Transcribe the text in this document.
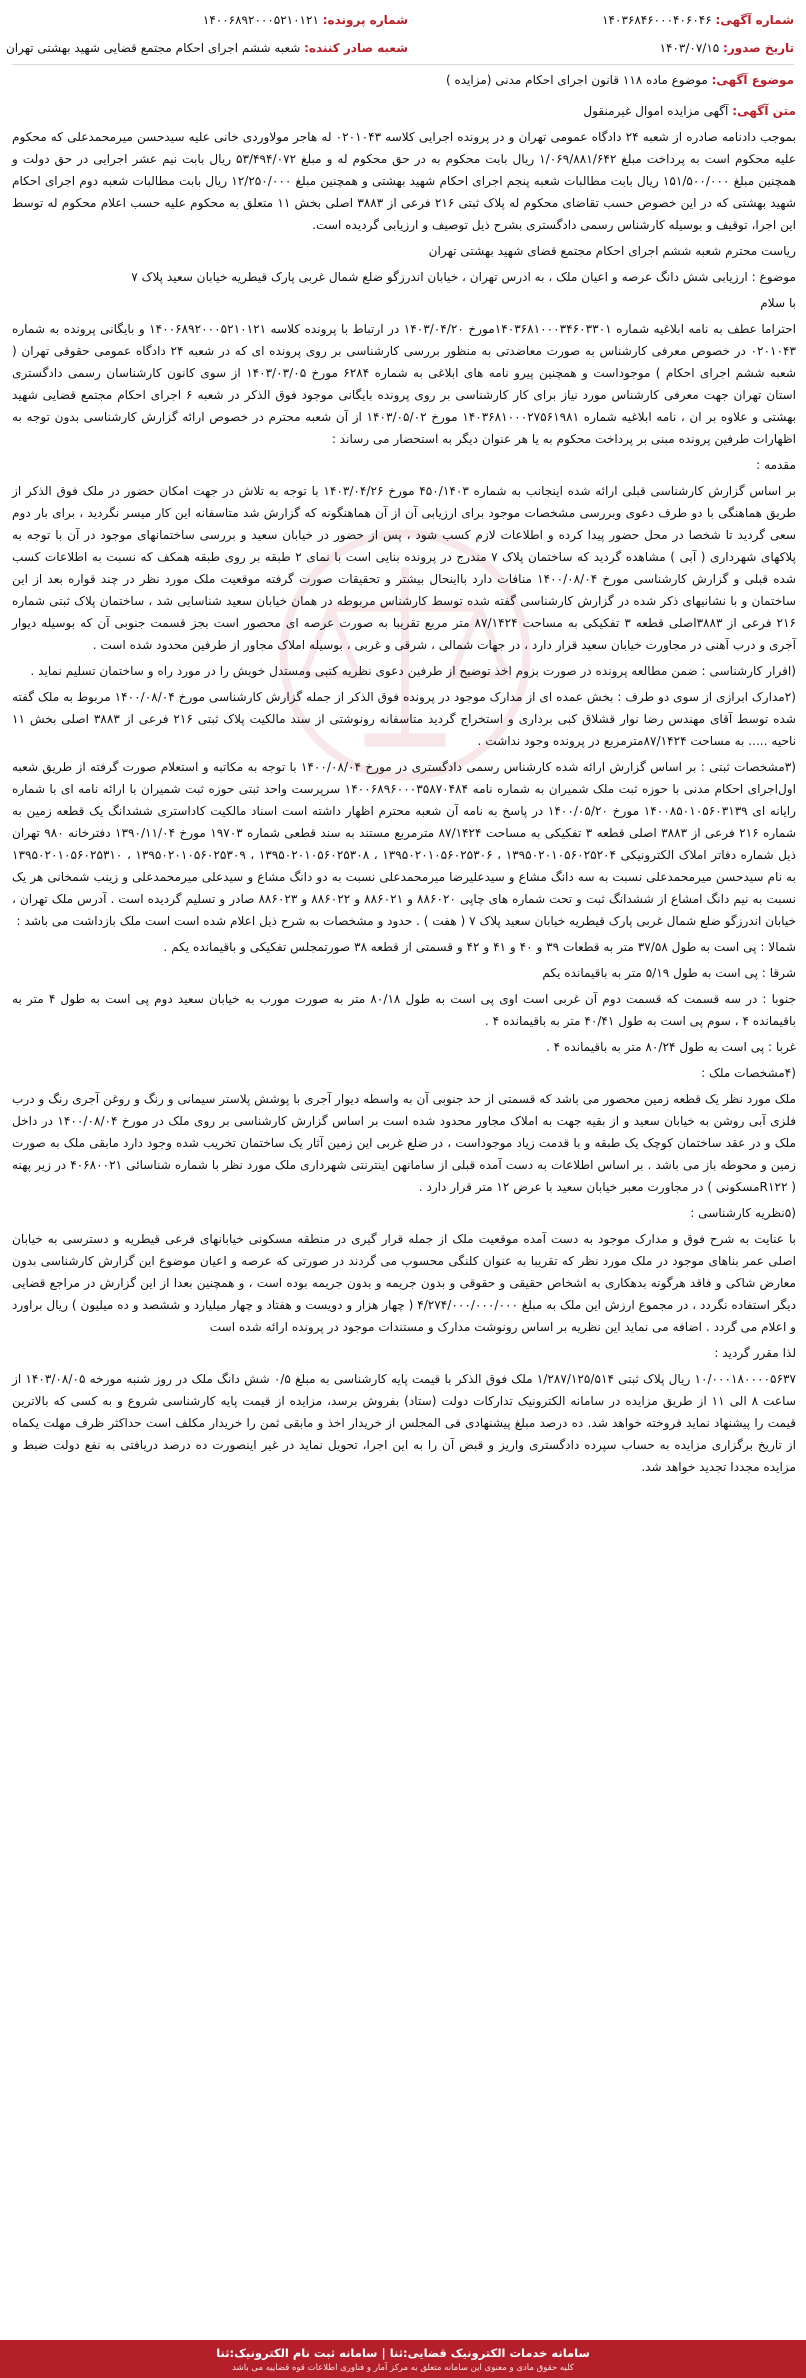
شماره آگهی: ۱۴۰۳۶۸۴۶۰۰۰۴۰۶۰۴۶
شماره پرونده: ۱۴۰۰۶۸۹۲۰۰۰۵۲۱۰۱۲۱
تاریخ صدور: ۱۴۰۳/۰۷/۱۵
شعبه صادر کننده: شعبه ششم اجرای احکام مجتمع قضایی شهید بهشتی تهران
موضوع آگهی: موضوع ماده ۱۱۸ قانون اجرای احکام مدنی (مزایده )

متن آگهی: آگهی مزایده اموال غیرمنقول

بموجب دادنامه صادره از شعبه ۲۴ دادگاه عمومی تهران و در پرونده اجرایی کلاسه ۰۲۰۱۰۴۳ له هاجر مولاوردی خانی علیه سیدحسن میرمحمدعلی که محکوم علیه محکوم است به پرداخت مبلغ ۱/۰۶۹/۸۸۱/۶۴۲ ریال بابت محکوم به در حق محکوم له و مبلغ ۵۳/۴۹۴/۰۷۲ ریال بابت نیم عشر اجرایی در حق دولت و همچنین مبلغ ۱۵۱/۵۰۰/۰۰۰ ریال بابت مطالبات شعبه پنجم اجرای احکام شهید بهشتی و همچنین مبلغ ۱۲/۲۵۰/۰۰۰ ریال بابت مطالبات شعبه دوم اجرای احکام شهید بهشتی که در این خصوص حسب تقاضای محکوم له پلاک ثبتی ۲۱۶ فرعی از ۳۸۸۳ اصلی بخش ۱۱ متعلق به محکوم علیه حسب اعلام محکوم له توسط این اجرا، توقیف و بوسیله کارشناس رسمی دادگستری بشرح ذیل توصیف و ارزیابی گردیده است.

ریاست محترم شعبه ششم اجرای احکام مجتمع قضای شهید بهشتی تهران

موضوع : ارزیابی شش دانگ عرصه و اعیان ملک ، به ادرس تهران ، خیابان اندرزگو ضلع شمال غربی پارک قیطریه خیابان سعید پلاک ۷

با سلام

احتراما عطف به نامه ابلاغیه شماره ۱۴۰۳۶۸۱۰۰۰۳۴۶۰۳۳۰۱مورخ ۱۴۰۳/۰۴/۲۰ در ارتباط با پرونده کلاسه ۱۴۰۰۶۸۹۲۰۰۰۵۲۱۰۱۲۱ و بایگانی پرونده به شماره ۰۲۰۱۰۴۳ در خصوص معرفی کارشناس به صورت معاضدتی به منظور بررسی کارشناسی بر روی پرونده ای که در شعبه ۲۴ دادگاه عمومی حقوقی تهران ( شعبه ششم اجرای احکام ) موجوداست و همچنین پیرو نامه های ابلاغی به شماره ۶۲۸۴ مورخ ۱۴۰۳/۰۳/۰۵ از سوی کانون کارشناسان رسمی دادگستری استان تهران جهت معرفی کارشناس مورد نیاز برای کار کارشناسی بر روی پرونده بایگانی موجود فوق الذکر در شعبه ۶ اجرای احکام مجتمع قضایی شهید بهشتی و علاوه بر ان ، نامه ابلاغیه شماره ۱۴۰۳۶۸۱۰۰۰۲۷۵۶۱۹۸۱ مورخ ۱۴۰۳/۰۵/۰۲ از آن شعبه محترم در خصوص ارائه گزارش کارشناسی بدون توجه به اظهارات طرفین پرونده مبنی بر پرداخت محکوم به یا هر عنوان دیگر به استحضار می رساند :

مقدمه :

بر اساس گزارش کارشناسی قبلی ارائه شده اینجانب به شماره ۴۵۰/۱۴۰۳ مورخ ۱۴۰۳/۰۴/۲۶ با توجه به تلاش در جهت امکان حضور در ملک فوق الذکر از طریق هماهنگی با دو طرف دعوی وبررسی مشخصات موجود برای ارزیابی آن از آن هماهنگونه که گزارش شد متاسفانه این کار میسر نگردید ، برای بار دوم سعی گردید تا شخصا در محل حضور پیدا کرده و اطلاعات لازم کسب شود ، پس از حضور در خیابان سعید و بررسی ساختمانهای موجود در آن با توجه به پلاکهای شهرداری ( آبی ) مشاهده گردید که ساختمان پلاک ۷ مندرج در پرونده بنایی است با نمای ۲ طبقه بر روی طبقه همکف که نسبت به اطلاعات کسب شده قبلی و گزارش کارشناسی مورخ ۱۴۰۰/۰۸/۰۴ منافات دارد بااینحال بیشتر و تحقیقات صورت گرفته موقعیت ملک مورد نظر در چند قواره بعد از این ساختمان و با نشانیهای ذکر شده در گزارش کارشناسی گفته شده توسط کارشناس مربوطه در همان خیابان سعید شناسایی شد ، ساختمان پلاک ثبتی شماره ۲۱۶ فرعی از ۳۸۸۳اصلی قطعه ۳ تفکیکی به مساحت ۸۷/۱۴۲۴ متر مربع تقریبا به صورت عرصه ای محصور است بجز قسمت جنوبی آن که بوسیله دیوار آجری و درب آهنی در مجاورت خیابان سعید قرار دارد ، در جهات شمالی ، شرقی و غربی ، بوسیله املاک مجاور از طرفین محدود شده است .

(اقرار کارشناسی : ضمن مطالعه پرونده در صورت بزوم اخذ توضیح از طرفین دعوی نظریه کتبی ومستدل خویش را در مورد راه و ساختمان تسلیم نماید .

(۲مدارک ابرازی از سوی دو طرف : بخش عمده ای از مدارک موجود در پرونده فوق الذکر از جمله گزارش کارشناسی مورخ ۱۴۰۰/۰۸/۰۴ مربوط به ملک گفته شده توسط آقای مهندس رضا نوار قشلاق کبی برداری و استخراج گردید متاسفانه رونوشتی از سند مالکیت پلاک ثبتی ۲۱۶ فرعی از ۳۸۸۳ اصلی بخش ۱۱ ناحیه ..... به مساحت ۸۷/۱۴۲۴مترمربع در پرونده وجود نداشت .

(۳مشخصات ثبتی : بر اساس گزارش ارائه شده کارشناس رسمی دادگستری در مورخ ۱۴۰۰/۰۸/۰۴ با توجه به مکاتبه و استعلام صورت گرفته از طریق شعبه اول‌اجرای احکام مدنی با حوزه ثبت ملک شمیران به شماره نامه ۱۴۰۰۶۸۹۶۰۰۰۳۵۸۷۰۴۸۴ سرپرست واحد ثبتی حوزه ثبت شمیران با ارائه نامه ای با شماره رایانه ای ۱۴۰۰۸۵۰۱۰۵۶۰۳۱۳۹ مورخ ۱۴۰۰/۰۵/۲۰ در پاسخ به نامه آن شعبه محترم اظهار داشته است اسناد مالکیت کاداستری ششدانگ یک قطعه زمین به شماره ۲۱۶ فرعی از ۳۸۸۳ اصلی قطعه ۳ تفکیکی به مساحت ۸۷/۱۴۲۴ مترمربع مستند به سند قطعی شماره ۱۹۷۰۳ مورخ ۱۳۹۰/۱۱/۰۴ دفترخانه ۹۸۰ تهران ذیل شماره دفاتر املاک الکترونیکی ۱۳۹۵۰۲۰۱۰۵۶۰۲۵۲۰۴ ، ۱۳۹۵۰۲۰۱۰۵۶۰۲۵۳۰۶ ، ۱۳۹۵۰۲۰۱۰۵۶۰۲۵۳۰۸ ، ۱۳۹۵۰۲۰۱۰۵۶۰۲۵۳۰۹ ، ۱۳۹۵۰۲۰۱۰۵۶۰۲۵۳۱۰ به نام سیدحسن میرمحمدعلی نسبت به سه دانگ مشاع و سیدعلیرضا میرمحمدعلی نسبت به دو دانگ مشاع و سیدعلی میرمحمدعلی و زینب شمخانی هر یک نسبت به نیم دانگ امشاع از ششدانگ ثبت و تحت شماره های چاپی ۸۸۶۰۲۰ و ۸۸۶۰۲۱ و ۸۸۶۰۲۲ و ۸۸۶۰۲۳ صادر و تسلیم گردیده است . آدرس ملک تهران ، خیابان اندرزگو ضلع شمال غربی پارک قیطریه خیابان سعید پلاک ۷ ( هفت ) . حدود و مشخصات به شرح ذیل اعلام شده است است ملک بازداشت می باشد :

شمالا : پی است به طول ۳۷/۵۸ متر به قطعات ۳۹ و ۴۰ و ۴۱ و ۴۲ و قسمتی از قطعه ۳۸ صورتمجلس تفکیکی و باقیمانده یکم .

شرقا : پی است به طول ۵/۱۹ متر به باقیمانده یکم

جنوبا : در سه قسمت که قسمت دوم آن غربی است اوی پی است به طول ۸۰/۱۸ متر به صورت مورب به خیابان سعید دوم پی است به طول ۴ متر به باقیمانده ۴ ، سوم پی است به طول ۴۰/۴۱ متر به باقیمانده ۴ .

غربا : پی است به طول ۸۰/۲۴ متر به باقیمانده ۴ .

(۴مشخصات ملک :

ملک مورد نظر یک قطعه زمین محصور می باشد که قسمتی از حد جنوبی آن به واسطه دیوار آجری با پوشش پلاستر سیمانی و رنگ و روغن آجری رنگ و درب فلزی آبی روشن به خیابان سعید و از بقیه جهت به املاک مجاور محدود شده است بر اساس گزارش کارشناسی بر روی ملک در مورخ ۱۴۰۰/۰۸/۰۴ در داخل ملک و در عقد ساختمان کوچک یک طبقه و با قدمت زیاد موجوداست ، در ضلع غربی این زمین آثار یک ساختمان تخریب شده وجود دارد مابقی ملک به صورت زمین و محوطه باز می باشد . بر اساس اطلاعات به دست آمده قبلی از سامانهن اینترنتی شهرداری ملک مورد نظر با شماره شناسائی ۴۰۶۸۰۰۲۱ در زیر پهنه ( R۱۲۲مسکونی ) در مجاورت معبر خیابان سعید با عرض ۱۲ متر قرار دارد .

(۵نظریه کارشناسی :

با عنایت به شرح فوق و مدارک موجود به دست آمده موقعیت ملک از جمله قرار گیری در منطقه مسکونی خیابانهای فرعی قیطریه و دسترسی به خیابان اصلی عمر بناهای موجود در ملک مورد نظر که تقریبا به عنوان کلنگی محسوب می گردند در صورتی که عرصه و اعیان موضوع این گزارش کارشناسی بدون معارض شاکی و فاقد هرگونه بدهکاری به اشخاص حقیقی و حقوقی و بدون جریمه و بدون جریمه بوده است ، و همچنین بعدا از این گزارش در مراجع قضایی دیگر استفاده نگردد ، در مجموع ارزش این ملک به مبلغ ۴/۲۷۴/۰۰۰/۰۰۰/۰۰۰ ( چهار هزار و دویست و هفتاد و چهار میلیارد و ششصد و ده میلیون ) ریال براورد و اعلام می گردد . اضافه می نماید این نظریه بر اساس رونوشت مدارک و مستندات موجود در پرونده ارائه شده است

لذا مقرر گردید :

۱۰/۰۰۰۱۸۰۰۰۰۵۶۳۷ ریال پلاک ثبتی ۱/۲۸۷/۱۲۵/۵۱۴ ملک فوق الذکر با قیمت پایه کارشناسی به مبلغ ۰/۵ شش دانگ ملک در روز شنبه مورخه ۱۴۰۳/۰۸/۰۵ از ساعت ۸ الی ۱۱ از طریق مزایده در سامانه الکترونیک تدارکات دولت (ستاد) بفروش برسد، مزایده از قیمت پایه کارشناسی شروع و به کسی که بالاترین قیمت را پیشنهاد نماید فروخته خواهد شد. ده درصد مبلغ پیشنهادی فی المجلس از خریدار اخذ و مابقی ثمن را خریدار مکلف است حداکثر ظرف مهلت یکماه از تاریخ برگزاری مزایده به حساب سپرده دادگستری واریز و قبض آن را به این اجرا، تحویل نماید در غیر اینصورت ده درصد دریافتی به نفع دولت ضبط و مزایده مجددا تجدید خواهد شد.

سامانه خدمات الکترونیک قضایی:ثنا | سامانه ثبت نام الکترونیک:ثنا
کلیه حقوق مادی و معنوی این سامانه متعلق به مرکز آمار و فناوری اطلاعات قوه قضاییه می باشد
